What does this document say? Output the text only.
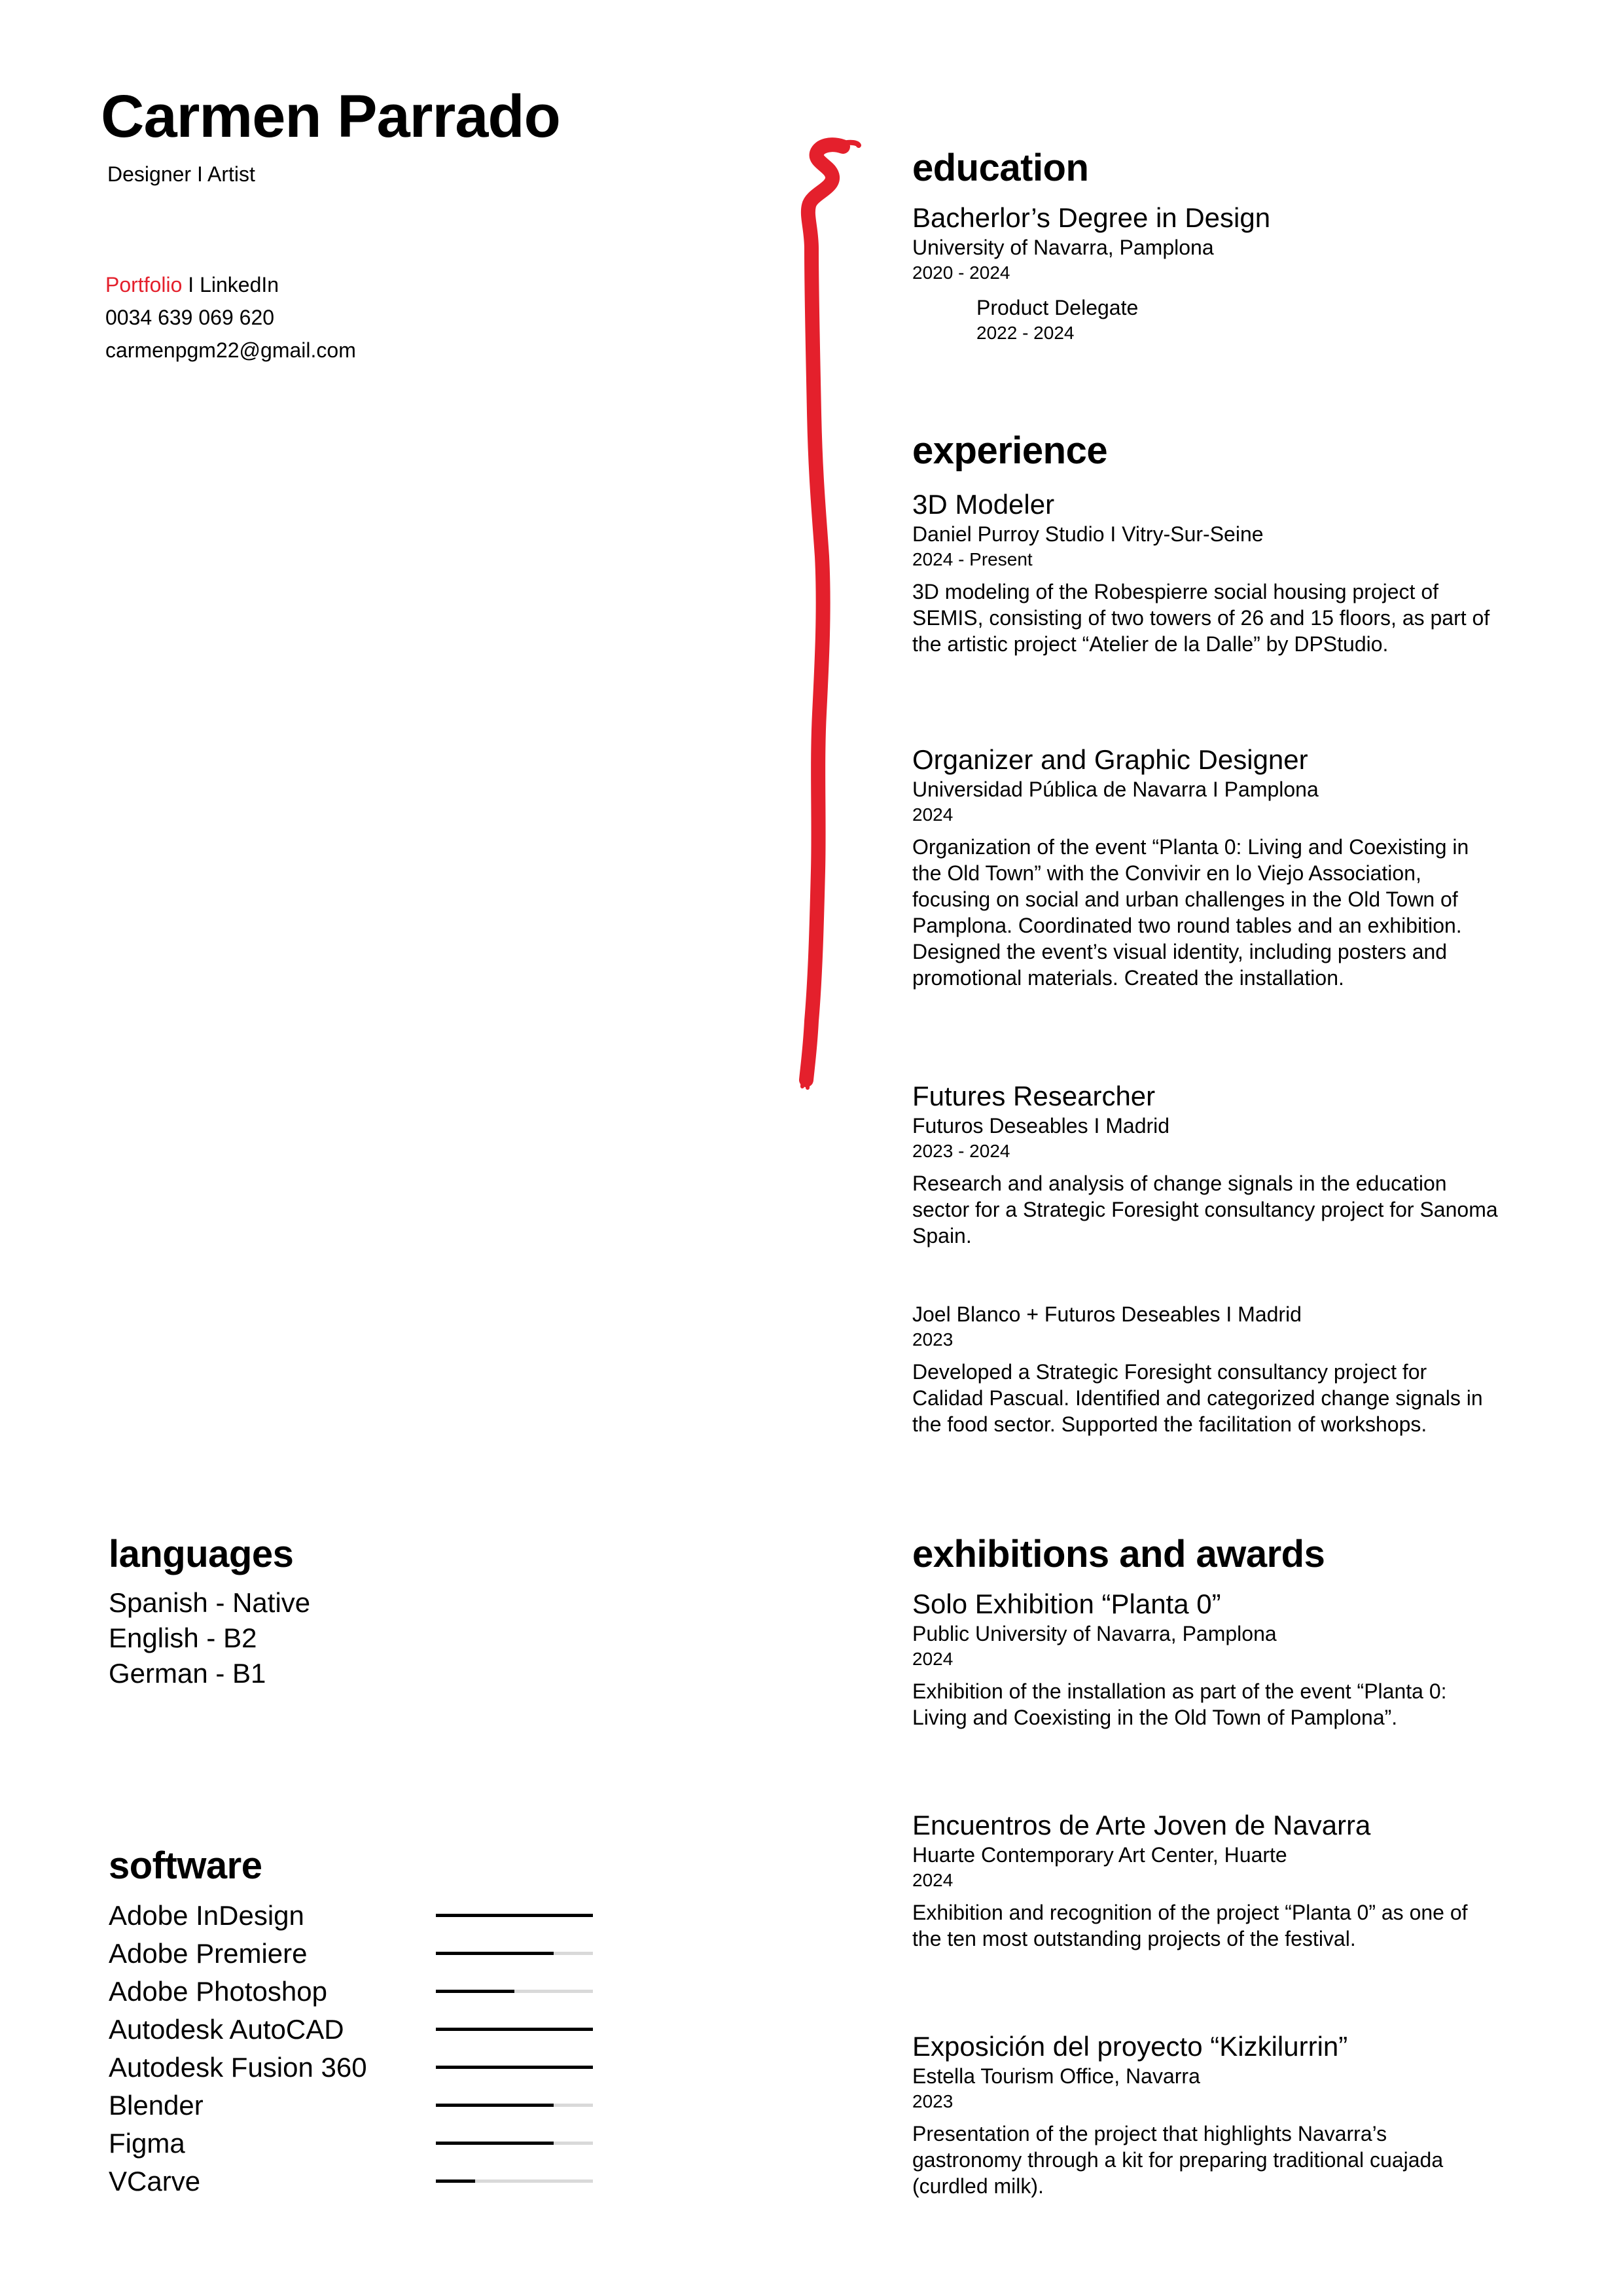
Carmen Parrado
Designer I Artist
Portfolio I LinkedIn
0034 639 069 620
carmenpgm22@gmail.com
education
Bacherlor’s Degree in Design
University of Navarra, Pamplona
2020 - 2024
Product Delegate
2022 - 2024
experience
3D Modeler
Daniel Purroy Studio I Vitry-Sur-Seine
2024 - Present
3D modeling of the Robespierre social housing project of SEMIS, consisting of two towers of 26 and 15 floors, as part of the artistic project “Atelier de la Dalle” by DPStudio.
Organizer and Graphic Designer
Universidad Pública de Navarra I Pamplona
2024
Organization of the event “Planta 0: Living and Coexisting in the Old Town” with the Convivir en lo Viejo Association, focusing on social and urban challenges in the Old Town of Pamplona. Coordinated two round tables and an exhibition. Designed the event’s visual identity, including posters and promotional materials. Created the installation.
Futures Researcher
Futuros Deseables I Madrid
2023 - 2024
Research and analysis of change signals in the education sector for a Strategic Foresight consultancy project for Sanoma Spain.
Joel Blanco + Futuros Deseables I Madrid
2023
Developed a Strategic Foresight consultancy project for Calidad Pascual. Identified and categorized change signals in the food sector. Supported the facilitation of workshops.
exhibitions and awards
Solo Exhibition “Planta 0”
Public University of Navarra, Pamplona
2024
Exhibition of the installation as part of the event “Planta 0: Living and Coexisting in the Old Town of Pamplona”.
Encuentros de Arte Joven de Navarra
Huarte Contemporary Art Center, Huarte
2024
Exhibition and recognition of the project “Planta 0” as one of the ten most outstanding projects of the festival.
Exposición del proyecto “Kizkilurrin”
Estella Tourism Office, Navarra
2023
Presentation of the project that highlights Navarra’s gastronomy through a kit for preparing traditional cuajada (curdled milk).
languages
Spanish - Native
English - B2
German - B1
software
Adobe InDesign
Adobe Premiere
Adobe Photoshop
Autodesk AutoCAD
Autodesk Fusion 360
Blender
Figma
VCarve
